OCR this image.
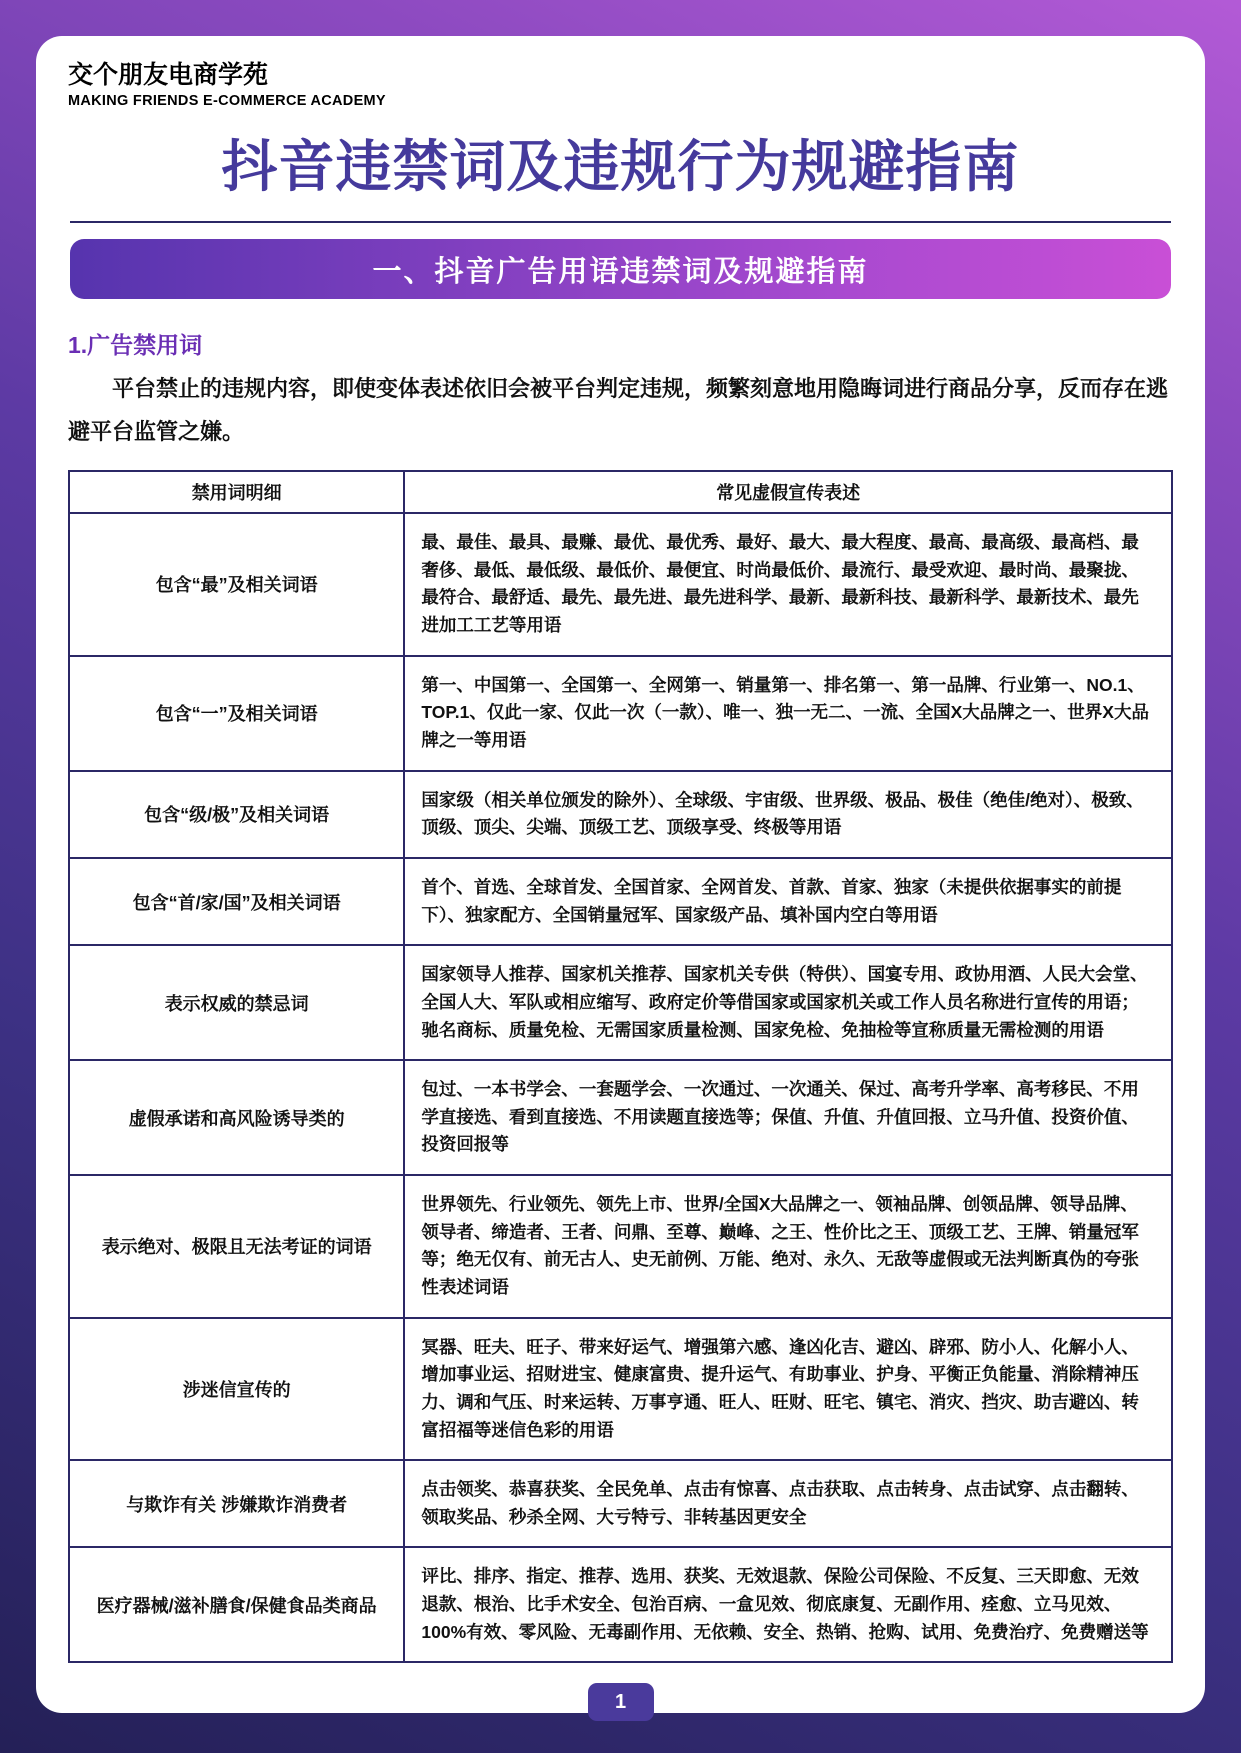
交个朋友电商学苑
MAKING FRIENDS E-COMMERCE ACADEMY
抖音违禁词及违规行为规避指南
一、抖音广告用语违禁词及规避指南
1.广告禁用词

平台禁止的违规内容，即使变体表述依旧会被平台判定违规，频繁刻意地用隐晦词进行商品分享，反而存在逃避平台监管之嫌。

禁用词明细	常见虚假宣传表述
包含“最”及相关词语	最、最佳、最具、最赚、最优、最优秀、最好、最大、最大程度、最高、最高级、最高档、最奢侈、最低、最低级、最低价、最便宜、时尚最低价、最流行、最受欢迎、最时尚、最聚拢、最符合、最舒适、最先、最先进、最先进科学、最新、最新科技、最新科学、最新技术、最先进加工工艺等用语
包含“一”及相关词语	第一、中国第一、全国第一、全网第一、销量第一、排名第一、第一品牌、行业第一、NO.1、TOP.1、仅此一家、仅此一次（一款）、唯一、独一无二、一流、全国X大品牌之一、世界X大品牌之一等用语
包含“级/极”及相关词语	国家级（相关单位颁发的除外）、全球级、宇宙级、世界级、极品、极佳（绝佳/绝对）、极致、顶级、顶尖、尖端、顶级工艺、顶级享受、终极等用语
包含“首/家/国”及相关词语	首个、首选、全球首发、全国首家、全网首发、首款、首家、独家（未提供依据事实的前提下）、独家配方、全国销量冠军、国家级产品、填补国内空白等用语
表示权威的禁忌词	国家领导人推荐、国家机关推荐、国家机关专供（特供）、国宴专用、政协用酒、人民大会堂、全国人大、军队或相应缩写、政府定价等借国家或国家机关或工作人员名称进行宣传的用语；驰名商标、质量免检、无需国家质量检测、国家免检、免抽检等宣称质量无需检测的用语
虚假承诺和高风险诱导类的	包过、一本书学会、一套题学会、一次通过、一次通关、保过、高考升学率、高考移民、不用学直接选、看到直接选、不用读题直接选等；保值、升值、升值回报、立马升值、投资价值、投资回报等
表示绝对、极限且无法考证的词语	世界领先、行业领先、领先上市、世界/全国X大品牌之一、领袖品牌、创领品牌、领导品牌、领导者、缔造者、王者、问鼎、至尊、巅峰、之王、性价比之王、顶级工艺、王牌、销量冠军等；绝无仅有、前无古人、史无前例、万能、绝对、永久、无敌等虚假或无法判断真伪的夸张性表述词语
涉迷信宣传的	冥器、旺夫、旺子、带来好运气、增强第六感、逢凶化吉、避凶、辟邪、防小人、化解小人、增加事业运、招财进宝、健康富贵、提升运气、有助事业、护身、平衡正负能量、消除精神压力、调和气压、时来运转、万事亨通、旺人、旺财、旺宅、镇宅、消灾、挡灾、助吉避凶、转富招福等迷信色彩的用语
与欺诈有关 涉嫌欺诈消费者	点击领奖、恭喜获奖、全民免单、点击有惊喜、点击获取、点击转身、点击试穿、点击翻转、领取奖品、秒杀全网、大亏特亏、非转基因更安全
医疗器械/滋补膳食/保健食品类商品	评比、排序、指定、推荐、选用、获奖、无效退款、保险公司保险、不反复、三天即愈、无效退款、根治、比手术安全、包治百病、一盒见效、彻底康复、无副作用、痊愈、立马见效、100%有效、零风险、无毒副作用、无依赖、安全、热销、抢购、试用、免费治疗、免费赠送等
1
